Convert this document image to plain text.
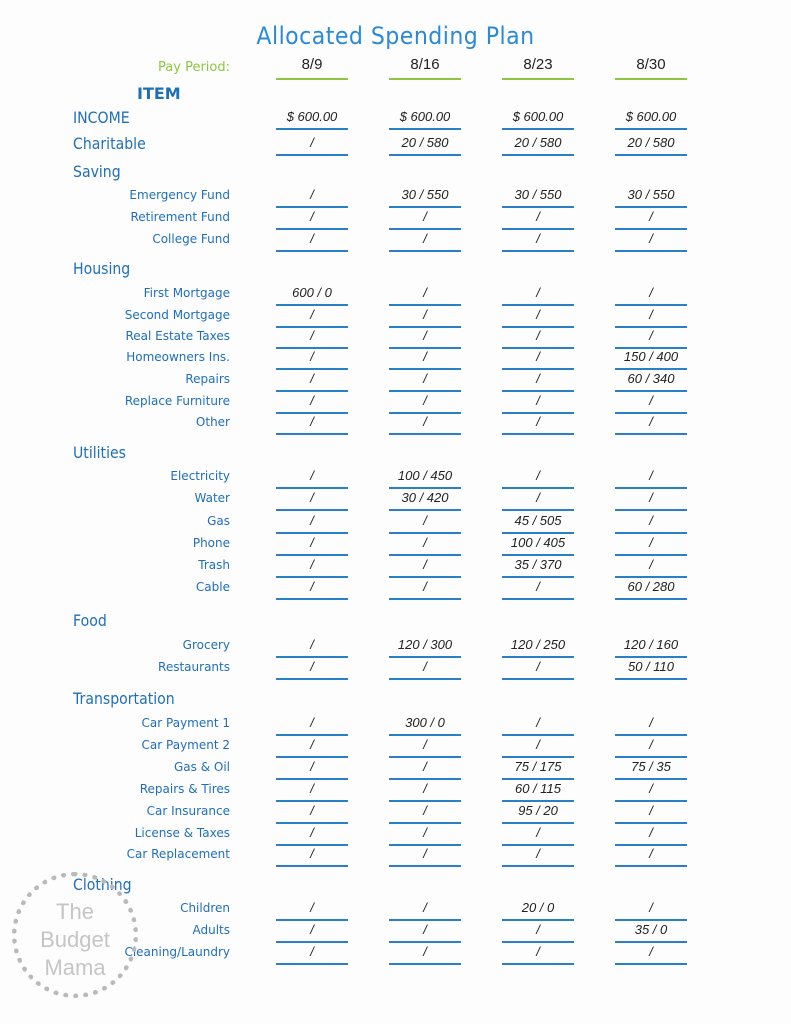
Allocated Spending Plan
Pay Period:	8/9	8/16	8/23	8/30
ITEM
INCOME	$ 600.00	$ 600.00	$ 600.00	$ 600.00
Charitable	/	20 / 580	20 / 580	20 / 580
Saving
Emergency Fund	/	30 / 550	30 / 550	30 / 550
Retirement Fund	/	/	/	/
College Fund	/	/	/	/
Housing
First Mortgage	600 / 0	/	/	/
Second Mortgage	/	/	/	/
Real Estate Taxes	/	/	/	/
Homeowners Ins.	/	/	/	150 / 400
Repairs	/	/	/	60 / 340
Replace Furniture	/	/	/	/
Other	/	/	/	/
Utilities
Electricity	/	100 / 450	/	/
Water	/	30 / 420	/	/
Gas	/	/	45 / 505	/
Phone	/	/	100 / 405	/
Trash	/	/	35 / 370	/
Cable	/	/	/	60 / 280
Food
Grocery	/	120 / 300	120 / 250	120 / 160
Restaurants	/	/	/	50 / 110
Transportation
Car Payment 1	/	300 / 0	/	/
Car Payment 2	/	/	/	/
Gas & Oil	/	/	75 / 175	75 / 35
Repairs & Tires	/	/	60 / 115	/
Car Insurance	/	/	95 / 20	/
License & Taxes	/	/	/	/
Car Replacement	/	/	/	/
Clothing
Children	/	/	20 / 0	/
Adults	/	/	/	35 / 0
Cleaning/Laundry	/	/	/	/
The
Budget
Mama
